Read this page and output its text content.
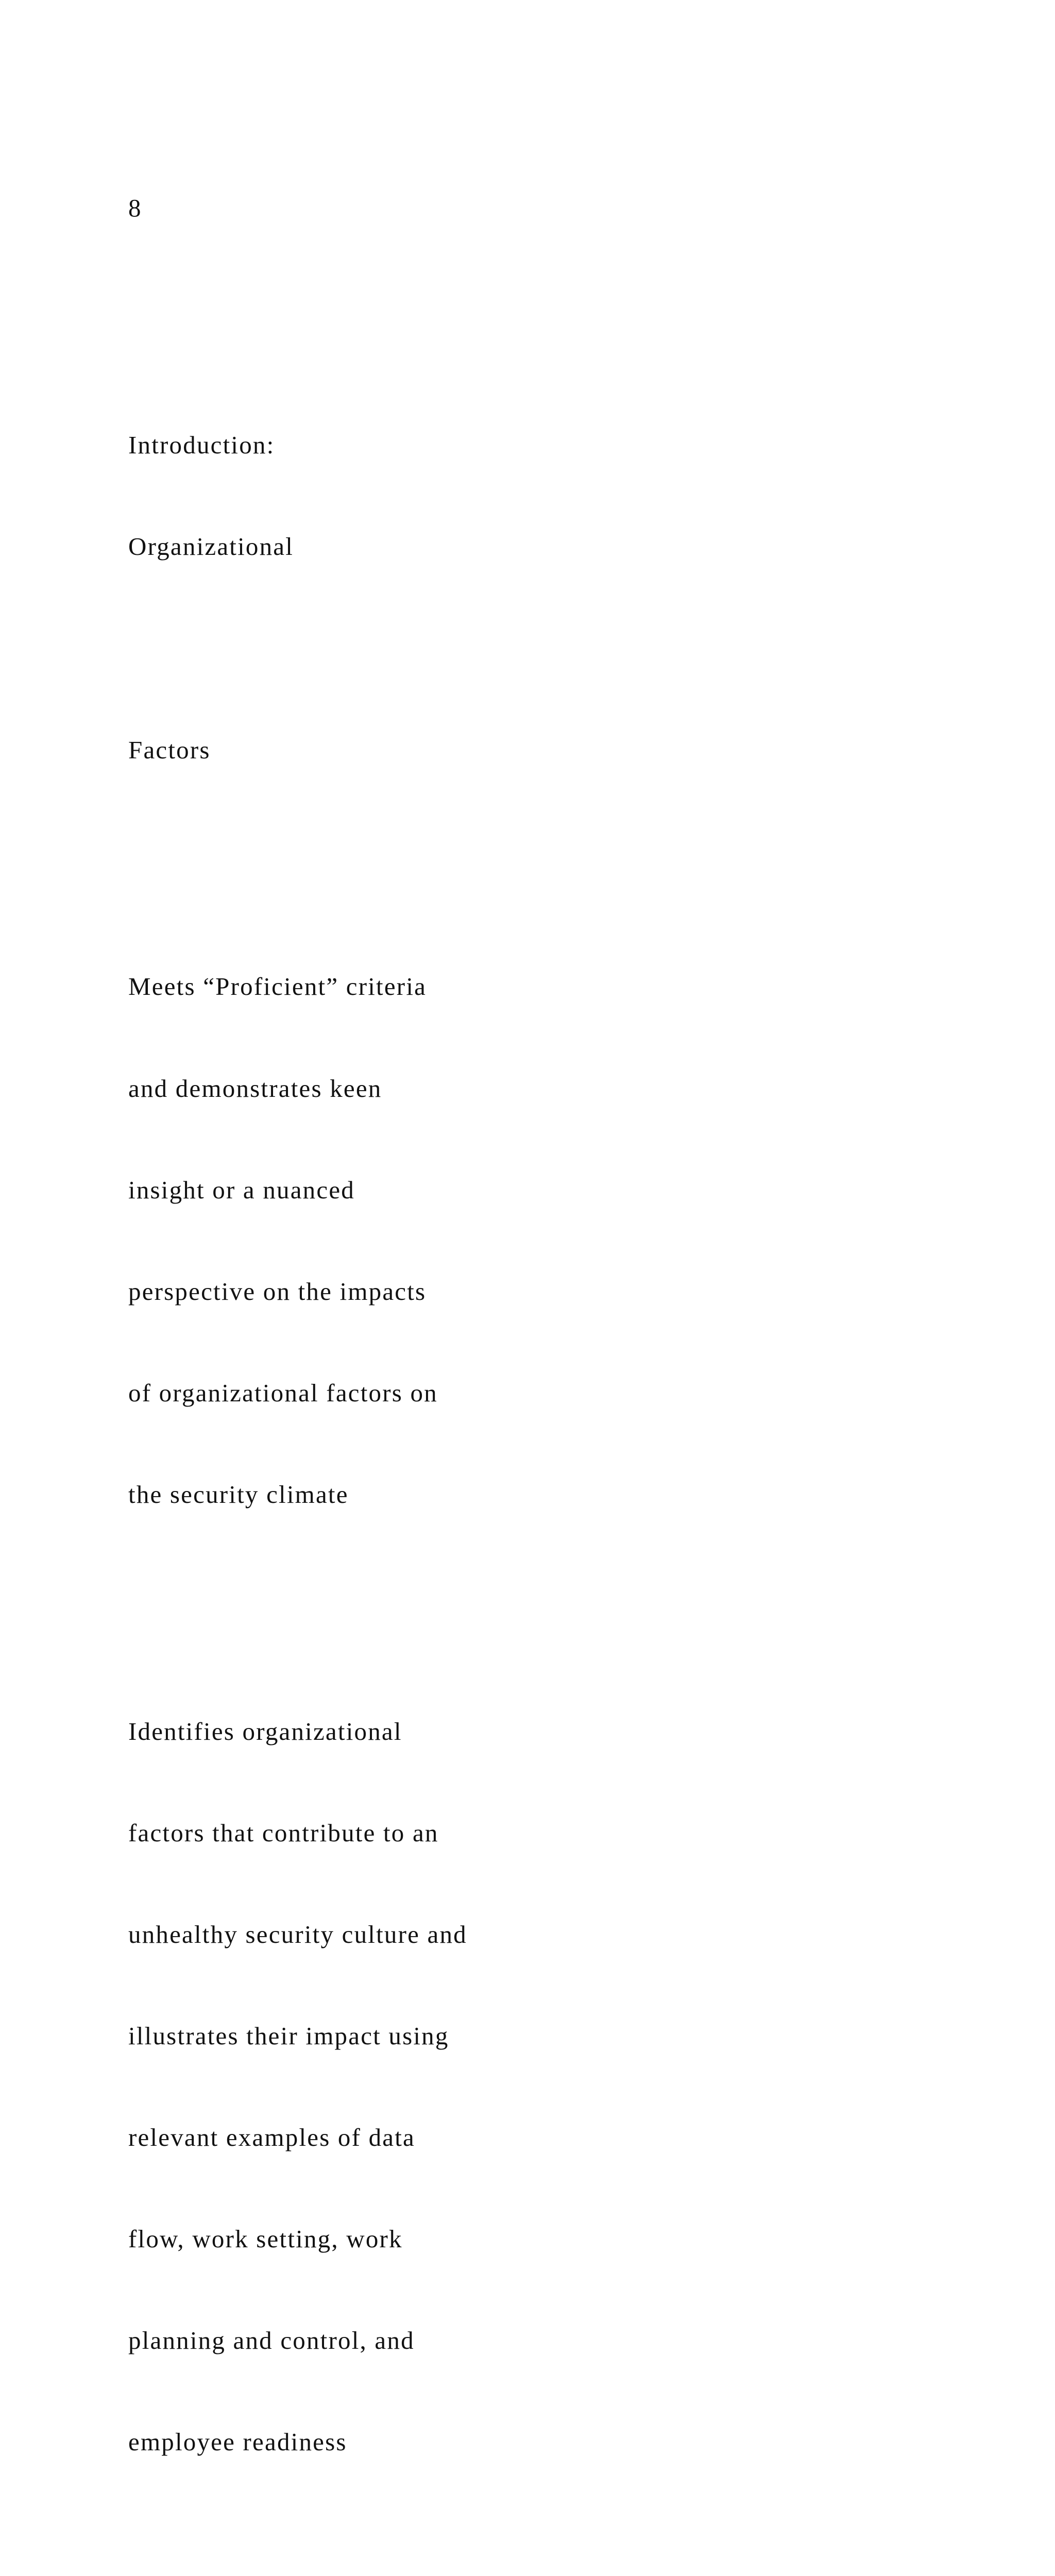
8

Introduction:

Organizational

Factors

Meets “Proficient” criteria

and demonstrates keen

insight or a nuanced

perspective on the impacts

of organizational factors on

the security climate

Identifies organizational

factors that contribute to an

unhealthy security culture and

illustrates their impact using

relevant examples of data

flow, work setting, work

planning and control, and

employee readiness
